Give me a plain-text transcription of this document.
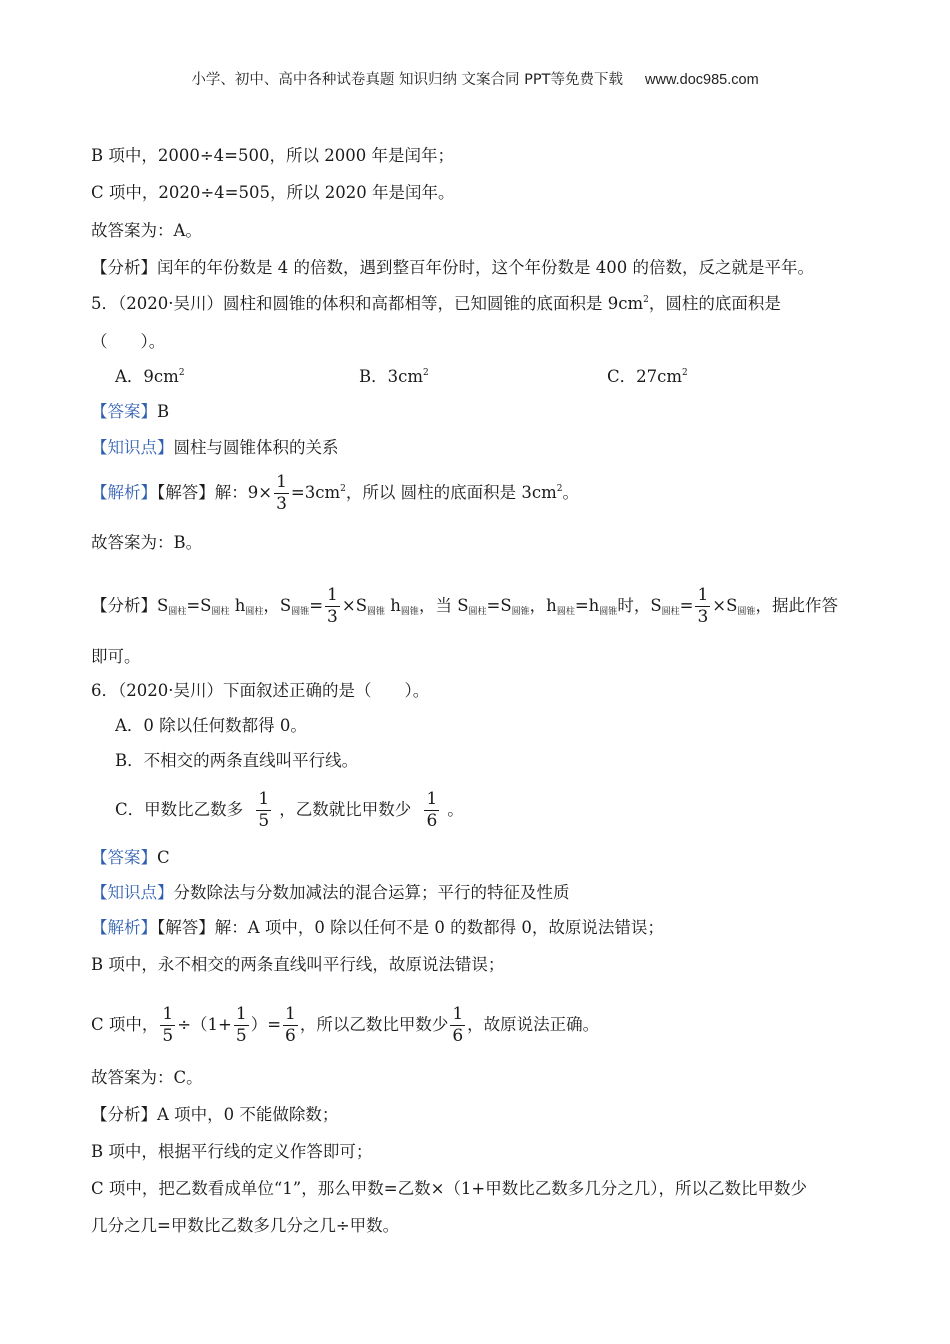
小学、初中、高中各种试卷真题 知识归纳 文案合同 PPT等免费下载 www.doc985.com
B 项中，2000÷4=500，所以 2000 年是闰年；
C 项中，2020÷4=505，所以 2020 年是闰年。
故答案为：A。
【分析】闰年的年份数是 4 的倍数，遇到整百年份时，这个年份数是 400 的倍数，反之就是平年。
5．（2020·吴川）圆柱和圆锥的体积和高都相等，已知圆锥的底面积是 $9cm^2$，圆柱的底面积是
（　　）。
A．$9cm^2$	B．$3cm^2$	C．$27cm^2$
【答案】B
【知识点】圆柱与圆锥体积的关系
【解析】【解答】解：$9\times \frac{1}{3} =3cm^2$，所以 圆柱的底面积是 $3cm^2$。
故答案为：B。
【分析】$S_{圆柱}=S_{圆柱}$ $h_{圆柱}$，$S_{圆锥}= \frac{1}{3} \times S_{圆锥}$ $h_{圆锥}$，当 $S_{圆柱}=S_{圆锥}$，$h_{圆柱}=h_{圆锥}$时，$S_{圆柱}= \frac{1}{3} \times S_{圆锥}$，据此作答
即可。
6．（2020·吴川）下面叙述正确的是（　　）。
A．0 除以任何数都得 0。
B．不相交的两条直线叫平行线。
C．甲数比乙数多 $\frac{1}{5}$ ，乙数就比甲数少 $\frac{1}{6}$ 。
【答案】C
【知识点】分数除法与分数加减法的混合运算；平行的特征及性质
【解析】【解答】解：A 项中，0 除以任何不是 0 的数都得 0，故原说法错误；
B 项中，永不相交的两条直线叫平行线，故原说法错误；
C 项中， $\frac{1}{5} \div(1+ \frac{1}{5}$ ）= $\frac{1}{6}$ ，所以乙数比甲数少 $\frac{1}{6}$ ，故原说法正确。
故答案为：C。
【分析】A 项中，0 不能做除数；
B 项中，根据平行线的定义作答即可；
C 项中，把乙数看成单位“1”，那么甲数=乙数×（1+甲数比乙数多几分之几），所以乙数比甲数少
几分之几=甲数比乙数多几分之几÷甲数。
